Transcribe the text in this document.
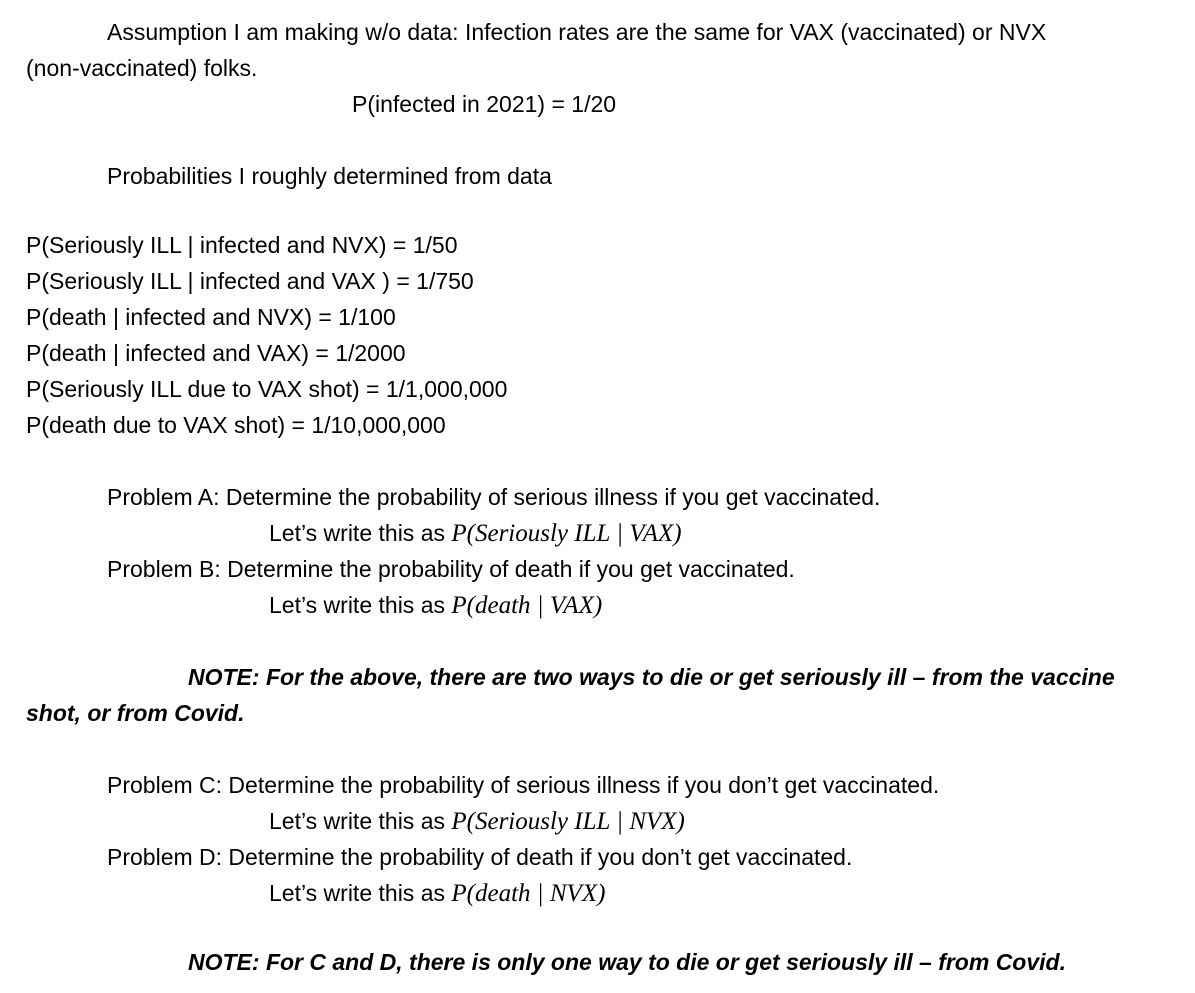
Assumption I am making w/o data: Infection rates are the same for VAX (vaccinated) or NVX
(non-vaccinated) folks.
P(infected in 2021) = 1/20
Probabilities I roughly determined from data
P(Seriously ILL | infected and NVX) = 1/50
P(Seriously ILL | infected and VAX ) = 1/750
P(death | infected and NVX) = 1/100
P(death | infected and VAX) = 1/2000
P(Seriously ILL due to VAX shot) = 1/1,000,000
P(death due to VAX shot) = 1/10,000,000
Problem A: Determine the probability of serious illness if you get vaccinated.
Let’s write this as P(Seriously ILL | VAX)
Problem B: Determine the probability of death if you get vaccinated.
Let’s write this as P(death | VAX)
NOTE: For the above, there are two ways to die or get seriously ill – from the vaccine
shot, or from Covid.
Problem C: Determine the probability of serious illness if you don’t get vaccinated.
Let’s write this as P(Seriously ILL | NVX)
Problem D: Determine the probability of death if you don’t get vaccinated.
Let’s write this as P(death | NVX)
NOTE: For C and D, there is only one way to die or get seriously ill – from Covid.
